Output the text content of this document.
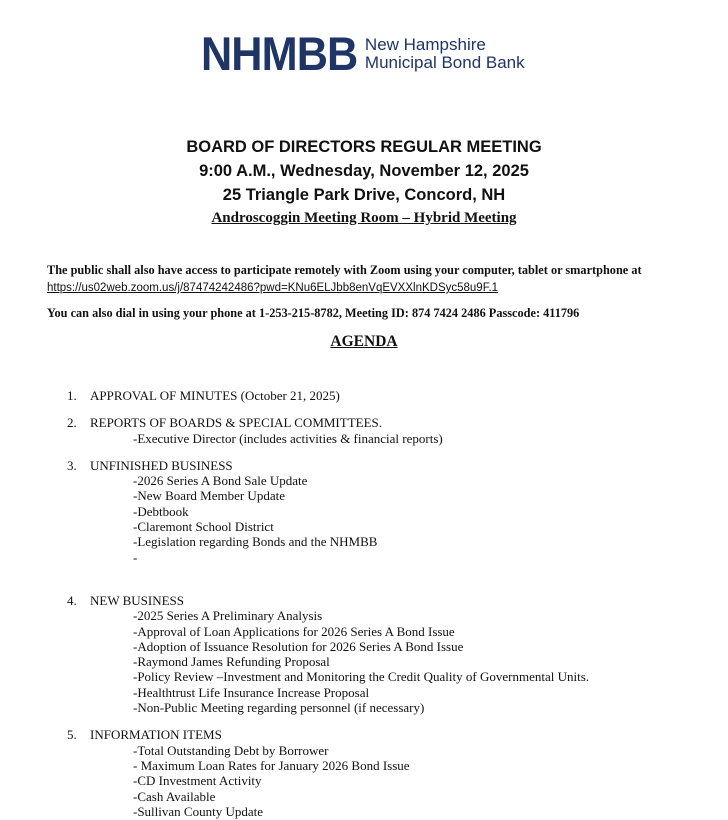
NHMBB New Hampshire
Municipal Bond Bank
BOARD OF DIRECTORS REGULAR MEETING
9:00 A.M., Wednesday, November 12, 2025
25 Triangle Park Drive, Concord, NH
Androscoggin Meeting Room – Hybrid Meeting
The public shall also have access to participate remotely with Zoom using your computer, tablet or smartphone at https://us02web.zoom.us/j/87474242486?pwd=KNu6ELJbb8enVqEVXXlnKDSyc58u9F.1
You can also dial in using your phone at 1-253-215-8782, Meeting ID: 874 7424 2486 Passcode: 411796
AGENDA
1. APPROVAL OF MINUTES (October 21, 2025)
2. REPORTS OF BOARDS & SPECIAL COMMITTEES.
-Executive Director (includes activities & financial reports)
3. UNFINISHED BUSINESS
-2026 Series A Bond Sale Update
-New Board Member Update
-Debtbook
-Claremont School District
-Legislation regarding Bonds and the NHMBB
-
4. NEW BUSINESS
-2025 Series A Preliminary Analysis
-Approval of Loan Applications for 2026 Series A Bond Issue
-Adoption of Issuance Resolution for 2026 Series A Bond Issue
-Raymond James Refunding Proposal
-Policy Review –Investment and Monitoring the Credit Quality of Governmental Units.
-Healthtrust Life Insurance Increase Proposal
-Non-Public Meeting regarding personnel (if necessary)
5. INFORMATION ITEMS
-Total Outstanding Debt by Borrower
- Maximum Loan Rates for January 2026 Bond Issue
-CD Investment Activity
-Cash Available
-Sullivan County Update
